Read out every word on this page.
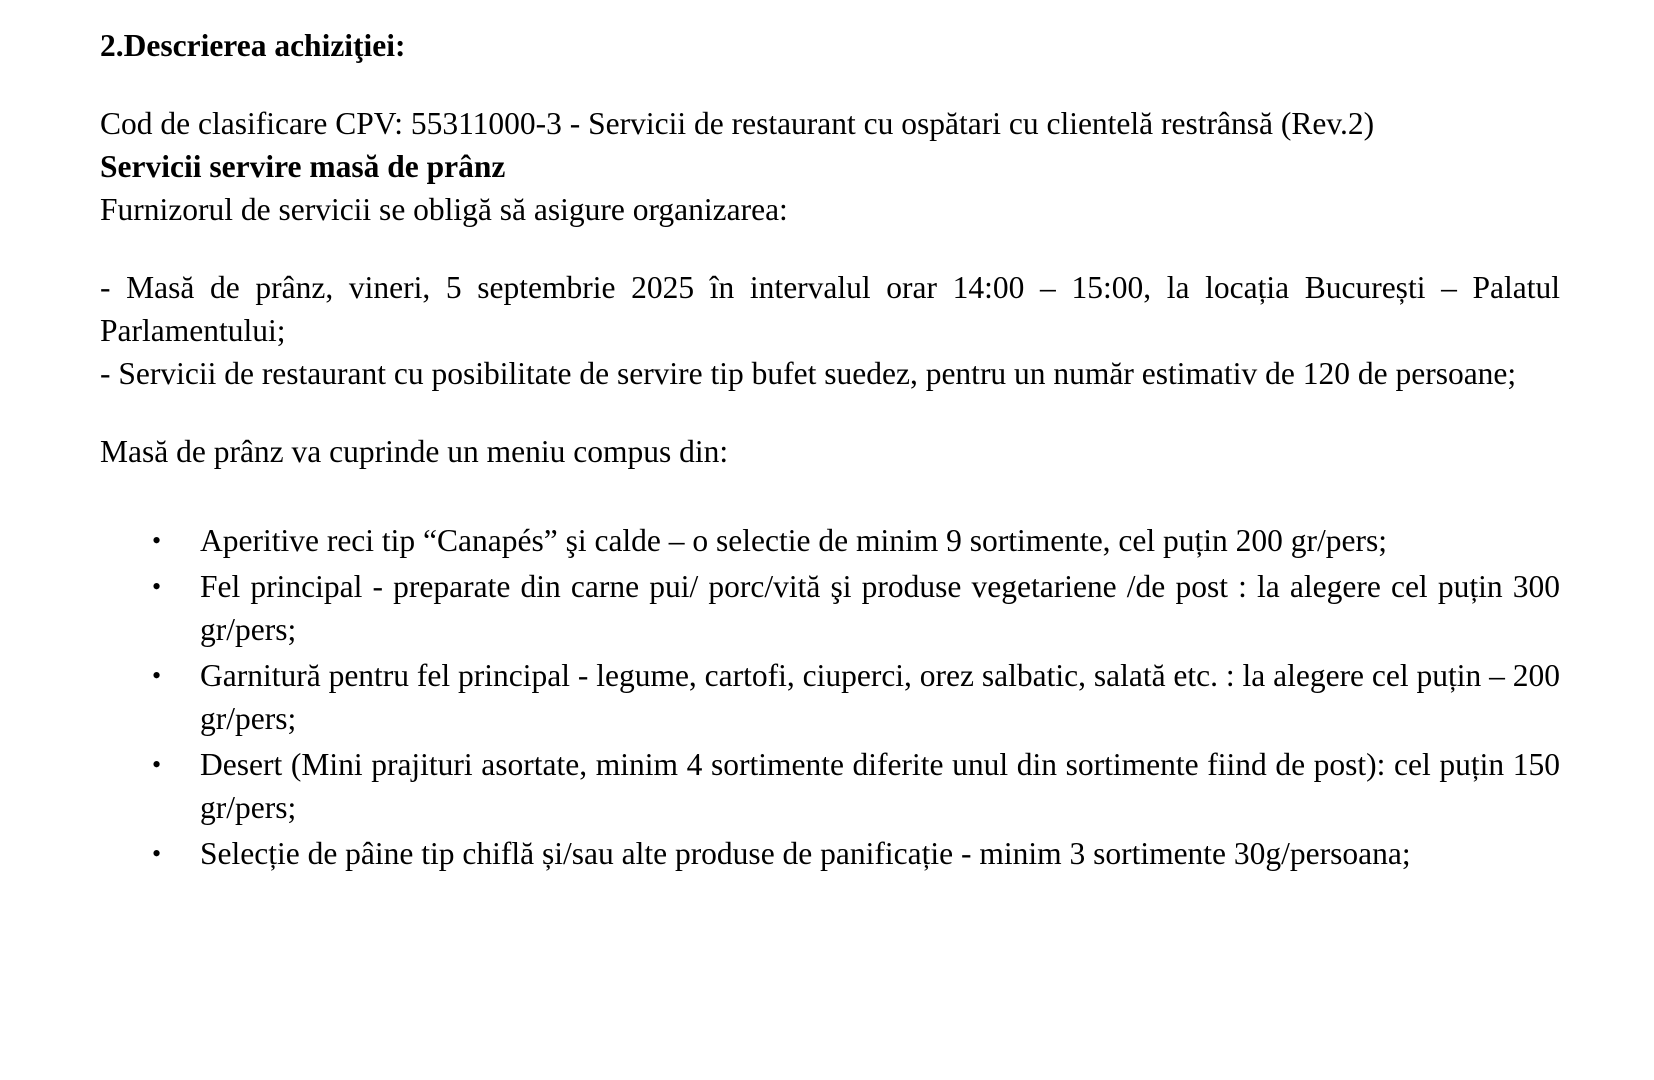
2.Descrierea achiziţiei:

Cod de clasificare CPV: 55311000-3 - Servicii de restaurant cu ospătari cu clientelă restrânsă (Rev.2)

Servicii servire masă de prânz

Furnizorul de servicii se obligă să asigure organizarea:

- Masă de prânz, vineri, 5 septembrie 2025 în intervalul orar 14:00 – 15:00, la locația București – Palatul Parlamentului;

- Servicii de restaurant cu posibilitate de servire tip bufet suedez, pentru un număr estimativ de 120 de persoane;

Masă de prânz va cuprinde un meniu compus din:

• Aperitive reci tip “Canapés” şi calde – o selectie de minim 9 sortimente, cel puțin 200 gr/pers;

• Fel principal - preparate din carne pui/ porc/vită şi produse vegetariene /de post : la alegere cel puțin 300 gr/pers;

• Garnitură pentru fel principal - legume, cartofi, ciuperci, orez salbatic, salată etc. : la alegere cel puțin – 200 gr/pers;

• Desert (Mini prajituri asortate, minim 4 sortimente diferite unul din sortimente fiind de post): cel puțin 150 gr/pers;

• Selecție de pâine tip chiflă și/sau alte produse de panificație - minim 3 sortimente 30g/persoana;
